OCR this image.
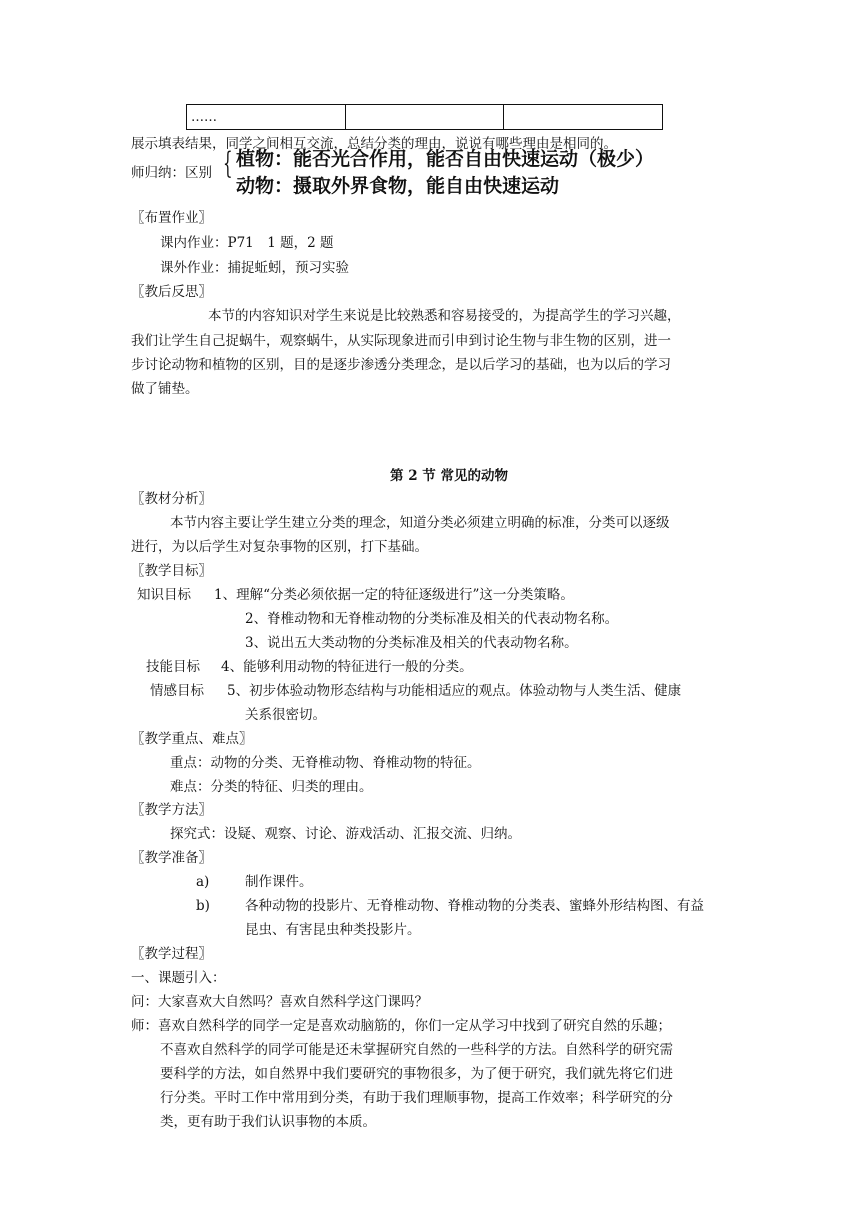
……		
展示填表结果，同学之间相互交流，总结分类的理由，说说有哪些理由是相同的。
师归纳：区别 { 植物：能否光合作用，能否自由快速运动（极少）
动物：摄取外界食物，能自由快速运动
〖布置作业〗
课内作业：P71　1 题，2 题
课外作业：捕捉蚯蚓，预习实验
〖教后反思〗
本节的内容知识对学生来说是比较熟悉和容易接受的，为提高学生的学习兴趣，
我们让学生自己捉蜗牛，观察蜗牛，从实际现象进而引申到讨论生物与非生物的区别，进一
步讨论动物和植物的区别，目的是逐步渗透分类理念，是以后学习的基础，也为以后的学习
做了铺垫。
第 2 节 常见的动物
〖教材分析〗
本节内容主要让学生建立分类的理念，知道分类必须建立明确的标准，分类可以逐级
进行，为以后学生对复杂事物的区别，打下基础。
〖教学目标〗
知识目标 1、理解“分类必须依据一定的特征逐级进行”这一分类策略。
2、脊椎动物和无脊椎动物的分类标准及相关的代表动物名称。
3、说出五大类动物的分类标准及相关的代表动物名称。
技能目标 4、能够利用动物的特征进行一般的分类。
情感目标 5、初步体验动物形态结构与功能相适应的观点。体验动物与人类生活、健康
关系很密切。
〖教学重点、难点〗
重点：动物的分类、无脊椎动物、脊椎动物的特征。
难点：分类的特征、归类的理由。
〖教学方法〗
探究式：设疑、观察、讨论、游戏活动、汇报交流、归纳。
〖教学准备〗
a)	制作课件。
b)	各种动物的投影片、无脊椎动物、脊椎动物的分类表、蜜蜂外形结构图、有益
昆虫、有害昆虫种类投影片。
〖教学过程〗
一、课题引入：
问：大家喜欢大自然吗？喜欢自然科学这门课吗？
师：喜欢自然科学的同学一定是喜欢动脑筋的，你们一定从学习中找到了研究自然的乐趣；
不喜欢自然科学的同学可能是还未掌握研究自然的一些科学的方法。自然科学的研究需
要科学的方法，如自然界中我们要研究的事物很多，为了便于研究，我们就先将它们进
行分类。平时工作中常用到分类，有助于我们理顺事物，提高工作效率；科学研究的分
类，更有助于我们认识事物的本质。
